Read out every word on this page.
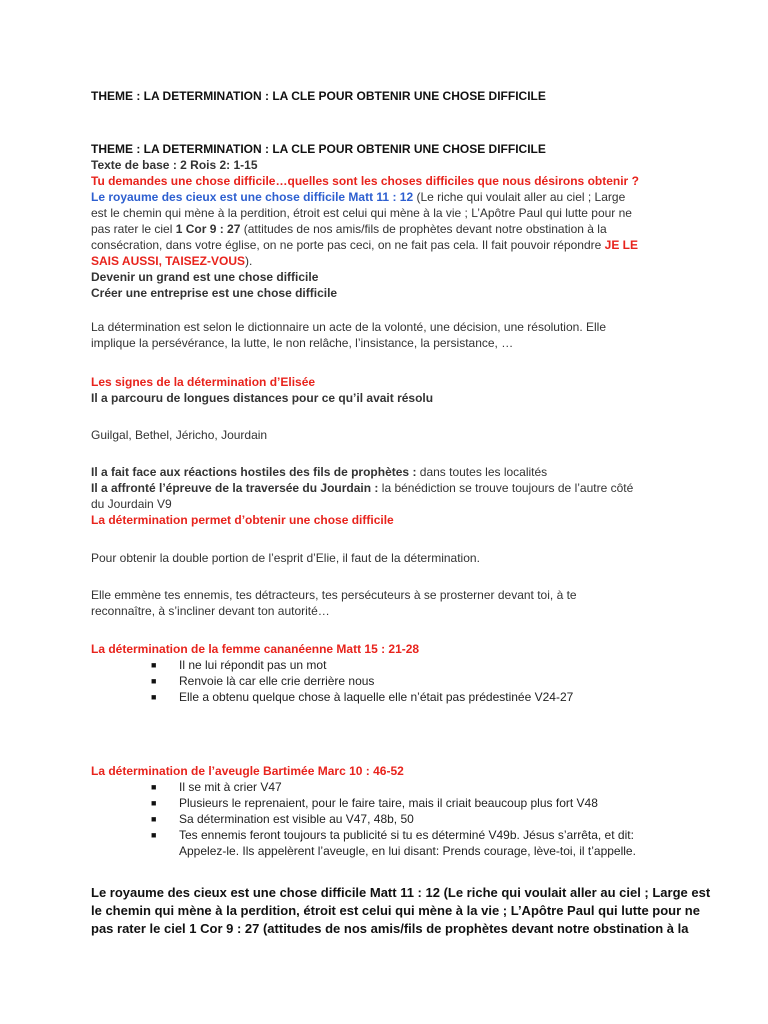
THEME : LA DETERMINATION : LA CLE POUR OBTENIR UNE CHOSE DIFFICILE
THEME : LA DETERMINATION : LA CLE POUR OBTENIR UNE CHOSE DIFFICILE
Texte de base : 2 Rois 2: 1-15
Tu demandes une chose difficile…quelles sont les choses difficiles que nous désirons obtenir ?
Le royaume des cieux est une chose difficile Matt 11 : 12 (Le riche qui voulait aller au ciel ; Large
est le chemin qui mène à la perdition, étroit est celui qui mène à la vie ; L’Apôtre Paul qui lutte pour ne
pas rater le ciel 1 Cor 9 : 27 (attitudes de nos amis/fils de prophètes devant notre obstination à la
consécration, dans votre église, on ne porte pas ceci, on ne fait pas cela. Il fait pouvoir répondre JE LE
SAIS AUSSI, TAISEZ-VOUS).
Devenir un grand est une chose difficile
Créer une entreprise est une chose difficile
La détermination est selon le dictionnaire un acte de la volonté, une décision, une résolution. Elle
implique la persévérance, la lutte, le non relâche, l’insistance, la persistance, …
Les signes de la détermination d’Elisée
Il a parcouru de longues distances pour ce qu’il avait résolu
Guilgal, Bethel, Jéricho, Jourdain
Il a fait face aux réactions hostiles des fils de prophètes : dans toutes les localités
Il a affronté l’épreuve de la traversée du Jourdain : la bénédiction se trouve toujours de l’autre côté
du Jourdain V9
La détermination permet d’obtenir une chose difficile
Pour obtenir la double portion de l’esprit d’Elie, il faut de la détermination.
Elle emmène tes ennemis, tes détracteurs, tes persécuteurs à se prosterner devant toi, à te
reconnaître, à s’incliner devant ton autorité…
La détermination de la femme cananéenne Matt 15 : 21-28
■ Il ne lui répondit pas un mot
■ Renvoie là car elle crie derrière nous
■ Elle a obtenu quelque chose à laquelle elle n’était pas prédestinée V24-27
La détermination de l’aveugle Bartimée Marc 10 : 46-52
■ Il se mit à crier V47
■ Plusieurs le reprenaient, pour le faire taire, mais il criait beaucoup plus fort V48
■ Sa détermination est visible au V47, 48b, 50
■ Tes ennemis feront toujours ta publicité si tu es déterminé V49b. Jésus s’arrêta, et dit:
Appelez-le. Ils appelèrent l’aveugle, en lui disant: Prends courage, lève-toi, il t’appelle.
Le royaume des cieux est une chose difficile Matt 11 : 12 (Le riche qui voulait aller au ciel ; Large est
le chemin qui mène à la perdition, étroit est celui qui mène à la vie ; L’Apôtre Paul qui lutte pour ne
pas rater le ciel 1 Cor 9 : 27 (attitudes de nos amis/fils de prophètes devant notre obstination à la
